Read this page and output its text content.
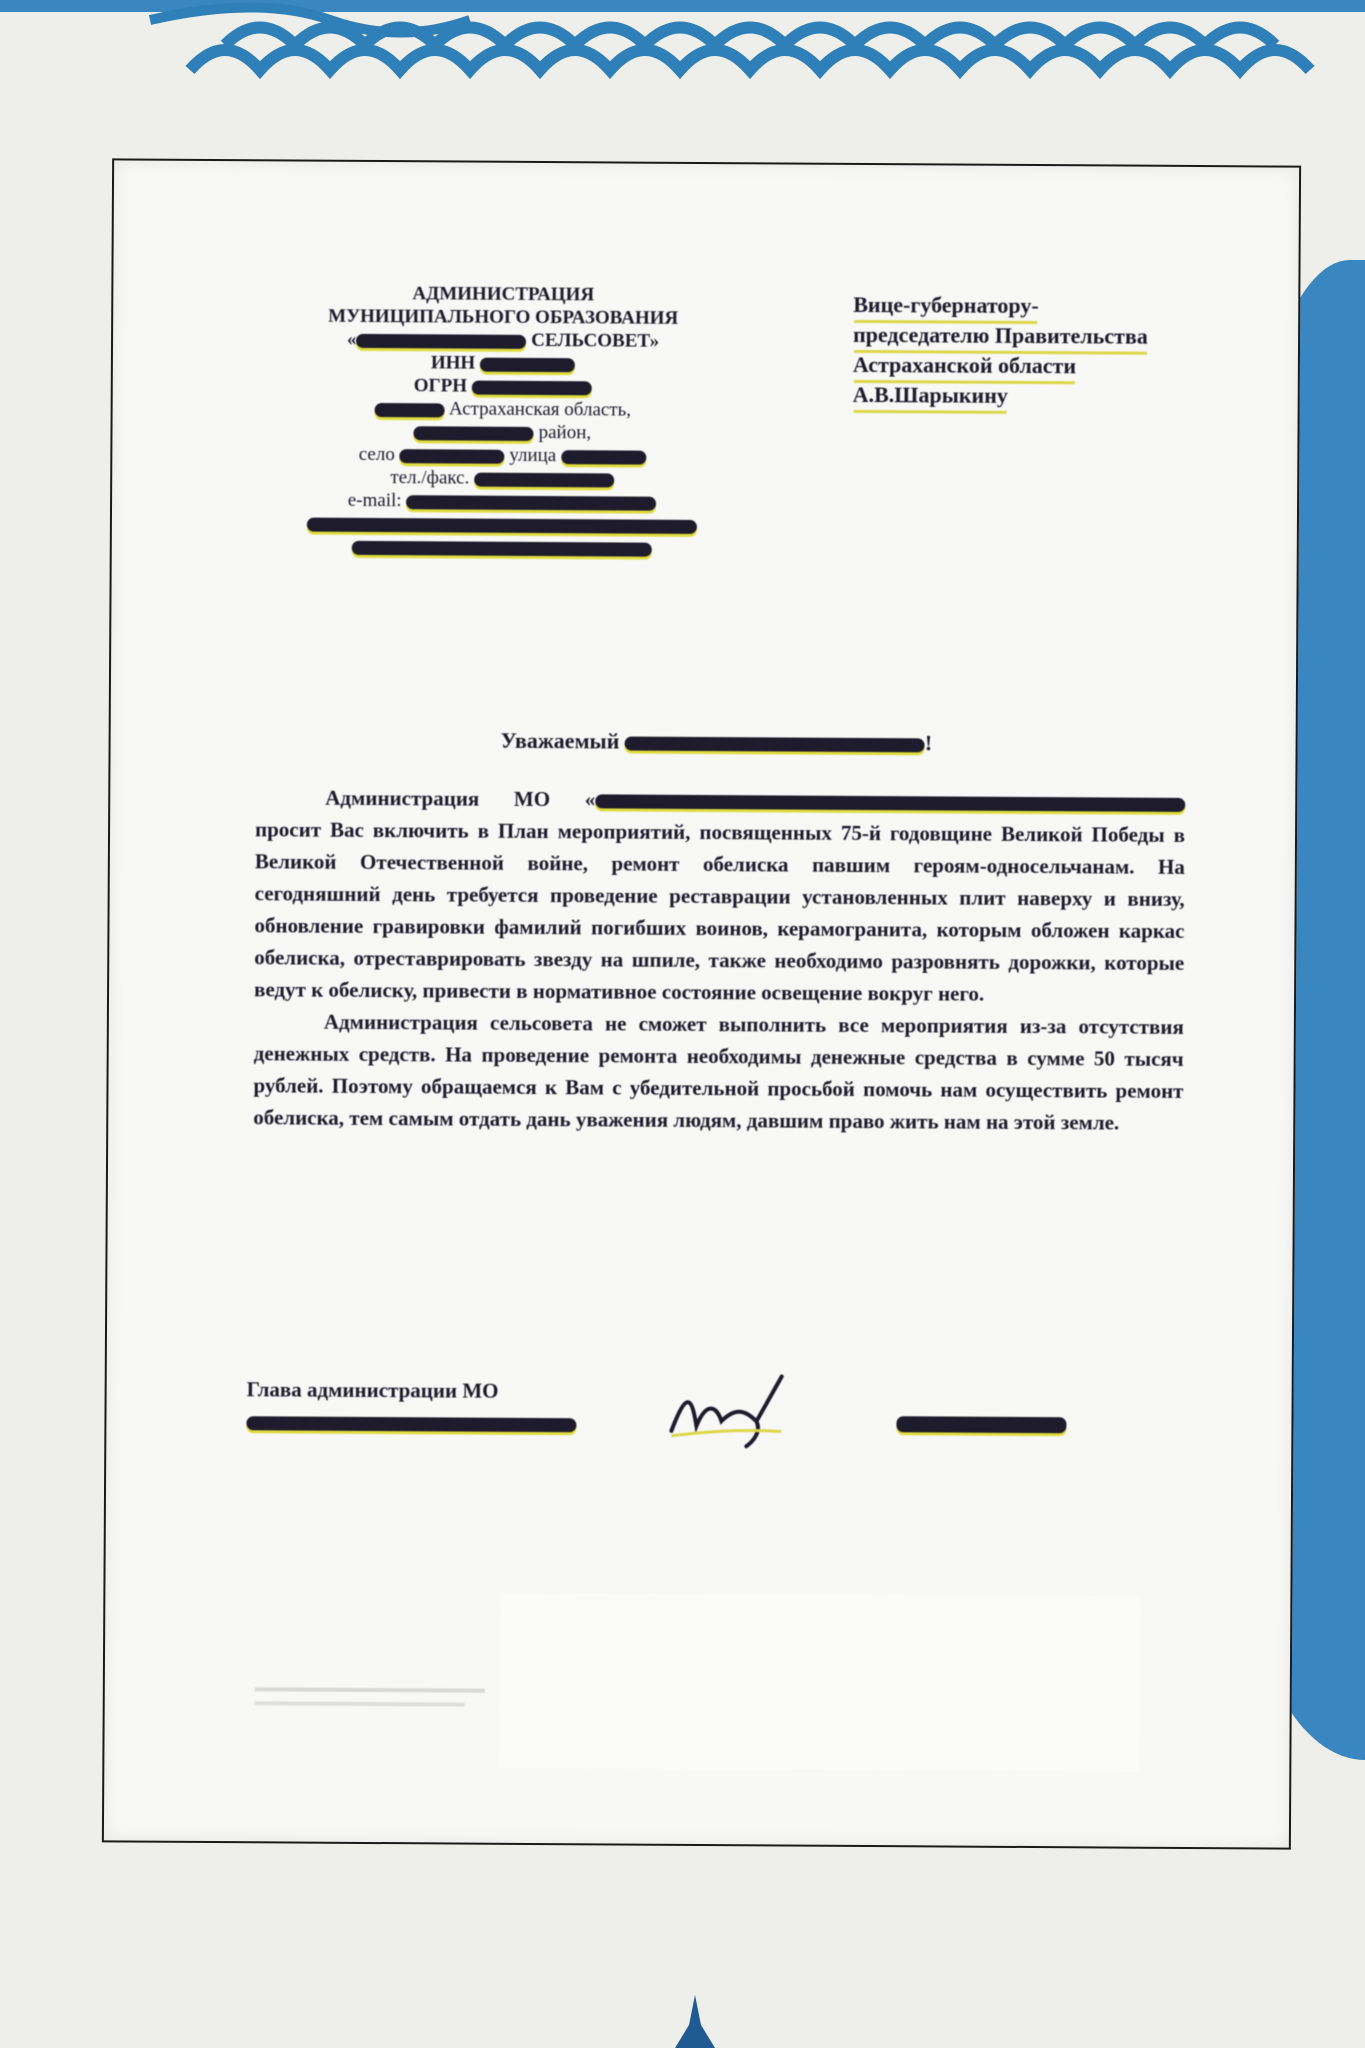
АДМИНИСТРАЦИЯ
МУНИЦИПАЛЬНОГО ОБРАЗОВАНИЯ
«	СЕЛЬСОВЕТ»
ИНН
ОГРН
Астраханская область,
район,
село	улица
тел./факс.
e-mail:
Вице-губернатору-
председателю Правительства
Астраханской области
А.В.Шарыкину
Уважаемый	!

Администрация МО « просит Вас включить в План мероприятий, посвященных 75-й годовщине Великой Победы в Великой Отечественной войне, ремонт обелиска павшим героям-односельчанам. На сегодняшний день требуется проведение реставрации установленных плит наверху и внизу, обновление гравировки фамилий погибших воинов, керамогранита, которым обложен каркас обелиска, отреставрировать звезду на шпиле, также необходимо разровнять дорожки, которые ведут к обелиску, привести в нормативное состояние освещение вокруг него.

Администрация сельсовета не сможет выполнить все мероприятия из-за отсутствия денежных средств. На проведение ремонта необходимы денежные средства в сумме 50 тысяч рублей. Поэтому обращаемся к Вам с убедительной просьбой помочь нам осуществить ремонт обелиска, тем самым отдать дань уважения людям, давшим право жить нам на этой земле.

Глава администрации МО
